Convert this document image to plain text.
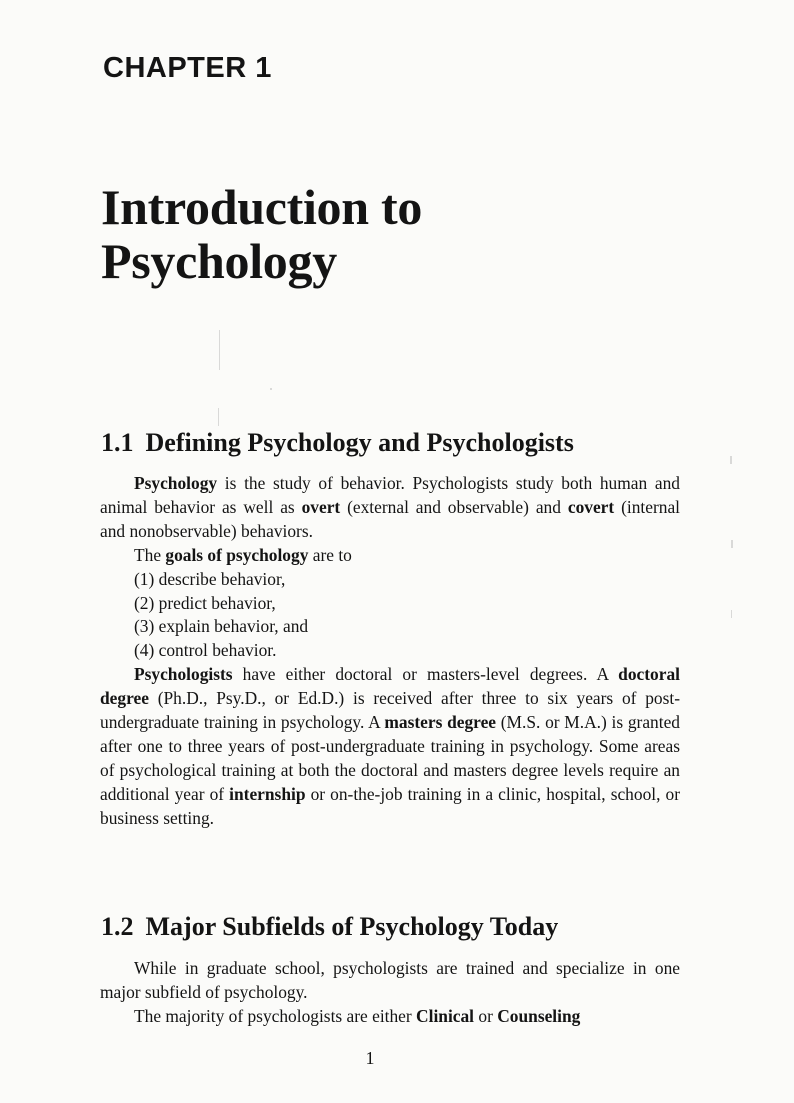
CHAPTER 1
Introduction to
Psychology
1.1 Defining Psychology and Psychologists

Psychology is the study of behavior. Psychologists study both human and animal behavior as well as overt (external and observable) and covert (internal and nonobservable) behaviors.

The goals of psychology are to

(1) describe behavior,

(2) predict behavior,

(3) explain behavior, and

(4) control behavior.

Psychologists have either doctoral or masters-level degrees. A doctoral degree (Ph.D., Psy.D., or Ed.D.) is received after three to six years of post-undergraduate training in psychology. A masters degree (M.S. or M.A.) is granted after one to three years of post-undergraduate training in psychology. Some areas of psychological training at both the doctoral and masters degree levels require an additional year of internship or on-the-job training in a clinic, hospital, school, or business setting.

1.2 Major Subfields of Psychology Today

While in graduate school, psychologists are trained and specialize in one major subfield of psychology.

The majority of psychologists are either Clinical or Counseling

1
